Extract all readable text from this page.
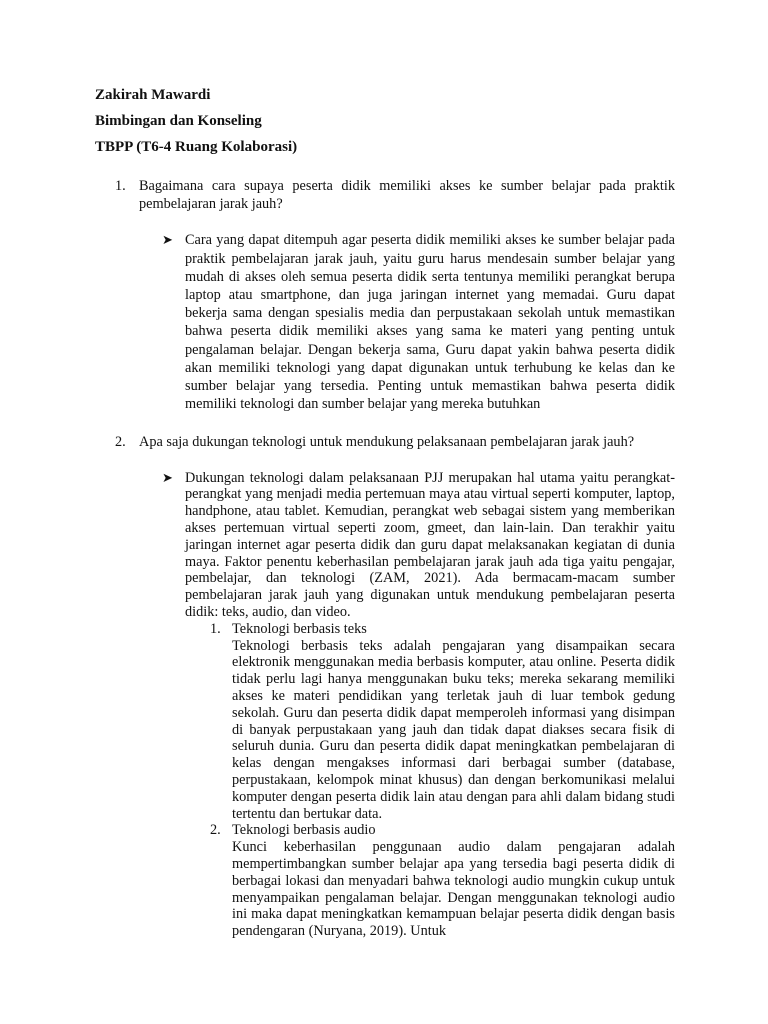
Zakirah Mawardi
Bimbingan dan Konseling
TBPP (T6-4 Ruang Kolaborasi)
1. Bagaimana cara supaya peserta didik memiliki akses ke sumber belajar pada praktik pembelajaran jarak jauh?
➤ Cara yang dapat ditempuh agar peserta didik memiliki akses ke sumber belajar pada praktik pembelajaran jarak jauh, yaitu guru harus mendesain sumber belajar yang mudah di akses oleh semua peserta didik serta tentunya memiliki perangkat berupa laptop atau smartphone, dan juga jaringan internet yang memadai. Guru dapat bekerja sama dengan spesialis media dan perpustakaan sekolah untuk memastikan bahwa peserta didik memiliki akses yang sama ke materi yang penting untuk pengalaman belajar. Dengan bekerja sama, Guru dapat yakin bahwa peserta didik akan memiliki teknologi yang dapat digunakan untuk terhubung ke kelas dan ke sumber belajar yang tersedia. Penting untuk memastikan bahwa peserta didik memiliki teknologi dan sumber belajar yang mereka butuhkan

2. Apa saja dukungan teknologi untuk mendukung pelaksanaan pembelajaran jarak jauh?
➤ Dukungan teknologi dalam pelaksanaan PJJ merupakan hal utama yaitu perangkat-perangkat yang menjadi media pertemuan maya atau virtual seperti komputer, laptop, handphone, atau tablet. Kemudian, perangkat web sebagai sistem yang memberikan akses pertemuan virtual seperti zoom, gmeet, dan lain-lain. Dan terakhir yaitu jaringan internet agar peserta didik dan guru dapat melaksanakan kegiatan di dunia maya. Faktor penentu keberhasilan pembelajaran jarak jauh ada tiga yaitu pengajar, pembelajar, dan teknologi (ZAM, 2021). Ada bermacam-macam sumber pembelajaran jarak jauh yang digunakan untuk mendukung pembelajaran peserta didik: teks, audio, dan video.

1. Teknologi berbasis teks
Teknologi berbasis teks adalah pengajaran yang disampaikan secara elektronik menggunakan media berbasis komputer, atau online. Peserta didik tidak perlu lagi hanya menggunakan buku teks; mereka sekarang memiliki akses ke materi pendidikan yang terletak jauh di luar tembok gedung sekolah. Guru dan peserta didik dapat memperoleh informasi yang disimpan di banyak perpustakaan yang jauh dan tidak dapat diakses secara fisik di seluruh dunia. Guru dan peserta didik dapat meningkatkan pembelajaran di kelas dengan mengakses informasi dari berbagai sumber (database, perpustakaan, kelompok minat khusus) dan dengan berkomunikasi melalui komputer dengan peserta didik lain atau dengan para ahli dalam bidang studi tertentu dan bertukar data.
2. Teknologi berbasis audio
Kunci keberhasilan penggunaan audio dalam pengajaran adalah mempertimbangkan sumber belajar apa yang tersedia bagi peserta didik di berbagai lokasi dan menyadari bahwa teknologi audio mungkin cukup untuk menyampaikan pengalaman belajar. Dengan menggunakan teknologi audio ini maka dapat meningkatkan kemampuan belajar peserta didik dengan basis pendengaran (Nuryana, 2019). Untuk
